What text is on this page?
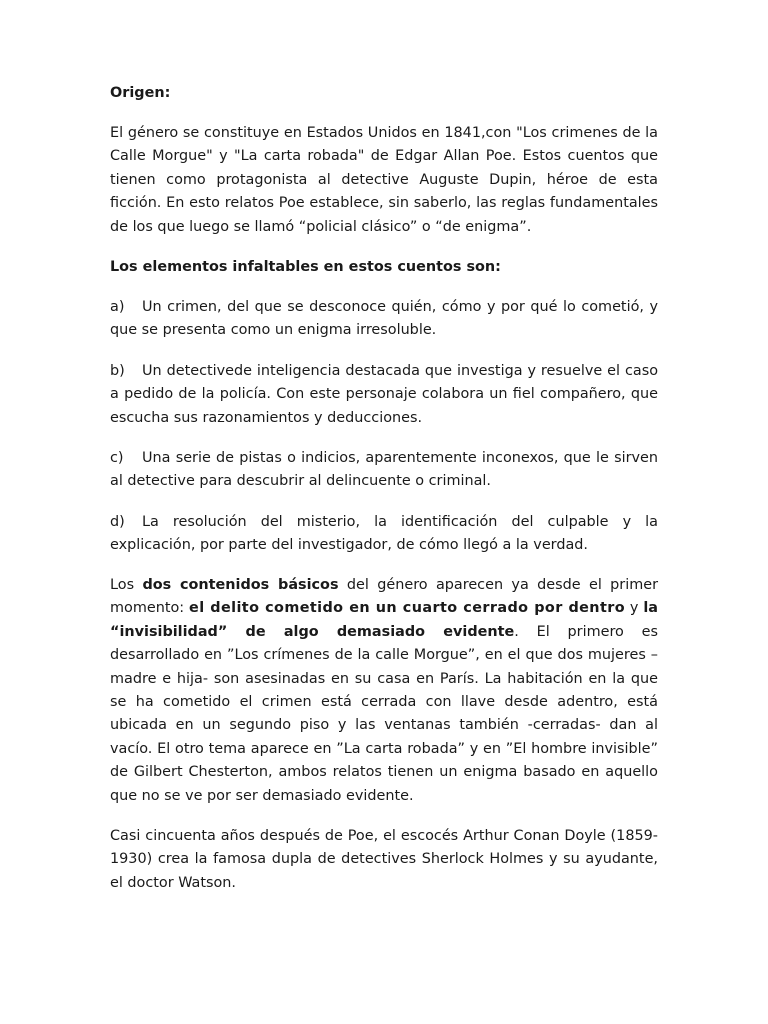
Origen:

El género se constituye en Estados Unidos en 1841,con "Los crimenes de la Calle Morgue" y "La carta robada" de Edgar Allan Poe. Estos cuentos que tienen como protagonista al detective Auguste Dupin, héroe de esta ficción. En esto relatos Poe establece, sin saberlo, las reglas fundamentales de los que luego se llamó “policial clásico” o “de enigma”.

Los elementos infaltables en estos cuentos son:

a) Un crimen, del que se desconoce quién, cómo y por qué lo cometió, y que se presenta como un enigma irresoluble.

b) Un detectivede inteligencia destacada que investiga y resuelve el caso a pedido de la policía. Con este personaje colabora un fiel compañero, que escucha sus razonamientos y deducciones.

c) Una serie de pistas o indicios, aparentemente inconexos, que le sirven al detective para descubrir al delincuente o criminal.

d) La resolución del misterio, la identificación del culpable y la explicación, por parte del investigador, de cómo llegó a la verdad.

Los dos contenidos básicos del género aparecen ya desde el primer momento: el delito cometido en un cuarto cerrado por dentro y la “invisibilidad” de algo demasiado evidente. El primero es desarrollado en ”Los crímenes de la calle Morgue”, en el que dos mujeres –madre e hija- son asesinadas en su casa en París. La habitación en la que se ha cometido el crimen está cerrada con llave desde adentro, está ubicada en un segundo piso y las ventanas también -cerradas- dan al vacío. El otro tema aparece en ”La carta robada” y en ”El hombre invisible” de Gilbert Chesterton, ambos relatos tienen un enigma basado en aquello que no se ve por ser demasiado evidente.

Casi cincuenta años después de Poe, el escocés Arthur Conan Doyle (1859-1930) crea la famosa dupla de detectives Sherlock Holmes y su ayudante, el doctor Watson.
